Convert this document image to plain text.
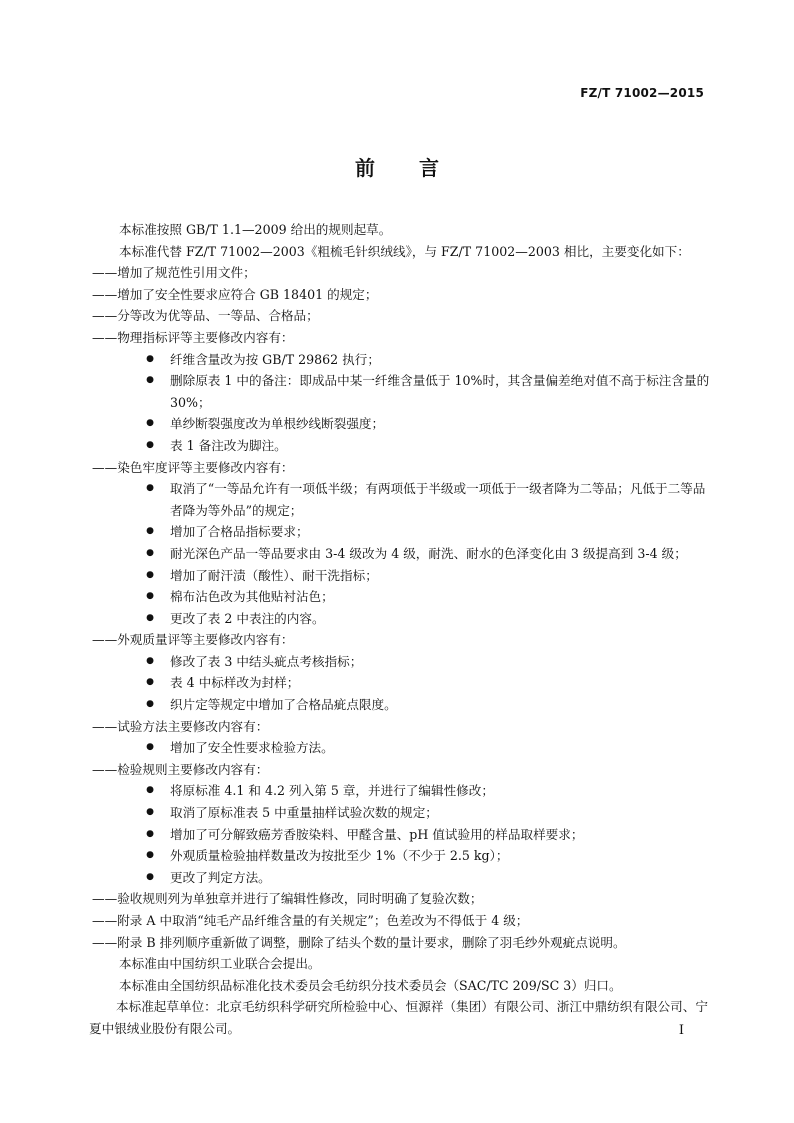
FZ/T 71002—2015
前言
本标准按照 GB/T 1.1—2009 给出的规则起草。
本标准代替 FZ/T 71002—2003《粗梳毛针织绒线》，与 FZ/T 71002—2003 相比，主要变化如下：
——增加了规范性引用文件；
——增加了安全性要求应符合 GB 18401 的规定；
——分等改为优等品、一等品、合格品；
——物理指标评等主要修改内容有：
● 纤维含量改为按 GB/T 29862 执行；
● 删除原表 1 中的备注：即成品中某一纤维含量低于 10%时，其含量偏差绝对值不高于标注含量的 30%；
● 单纱断裂强度改为单根纱线断裂强度；
● 表 1 备注改为脚注。
——染色牢度评等主要修改内容有：
● 取消了“一等品允许有一项低半级；有两项低于半级或一项低于一级者降为二等品；凡低于二等品者降为等外品”的规定；
● 增加了合格品指标要求；
● 耐光深色产品一等品要求由 3-4 级改为 4 级，耐洗、耐水的色泽变化由 3 级提高到 3-4 级；
● 增加了耐汗渍（酸性）、耐干洗指标；
● 棉布沾色改为其他贴衬沾色；
● 更改了表 2 中表注的内容。
——外观质量评等主要修改内容有：
● 修改了表 3 中结头疵点考核指标；
● 表 4 中标样改为封样；
● 织片定等规定中增加了合格品疵点限度。
——试验方法主要修改内容有：
● 增加了安全性要求检验方法。
——检验规则主要修改内容有：
● 将原标准 4.1 和 4.2 列入第 5 章，并进行了编辑性修改；
● 取消了原标准表 5 中重量抽样试验次数的规定；
● 增加了可分解致癌芳香胺染料、甲醛含量、pH 值试验用的样品取样要求；
● 外观质量检验抽样数量改为按批至少 1%（不少于 2.5 kg）；
● 更改了判定方法。
——验收规则列为单独章并进行了编辑性修改，同时明确了复验次数；
——附录 A 中取消“纯毛产品纤维含量的有关规定”；色差改为不得低于 4 级；
——附录 B 排列顺序重新做了调整，删除了结头个数的量计要求，删除了羽毛纱外观疵点说明。
本标准由中国纺织工业联合会提出。
本标准由全国纺织品标准化技术委员会毛纺织分技术委员会（SAC/TC 209/SC 3）归口。
本标准起草单位：北京毛纺织科学研究所检验中心、恒源祥（集团）有限公司、浙江中鼎纺织有限公司、宁夏中银绒业股份有限公司。	I
